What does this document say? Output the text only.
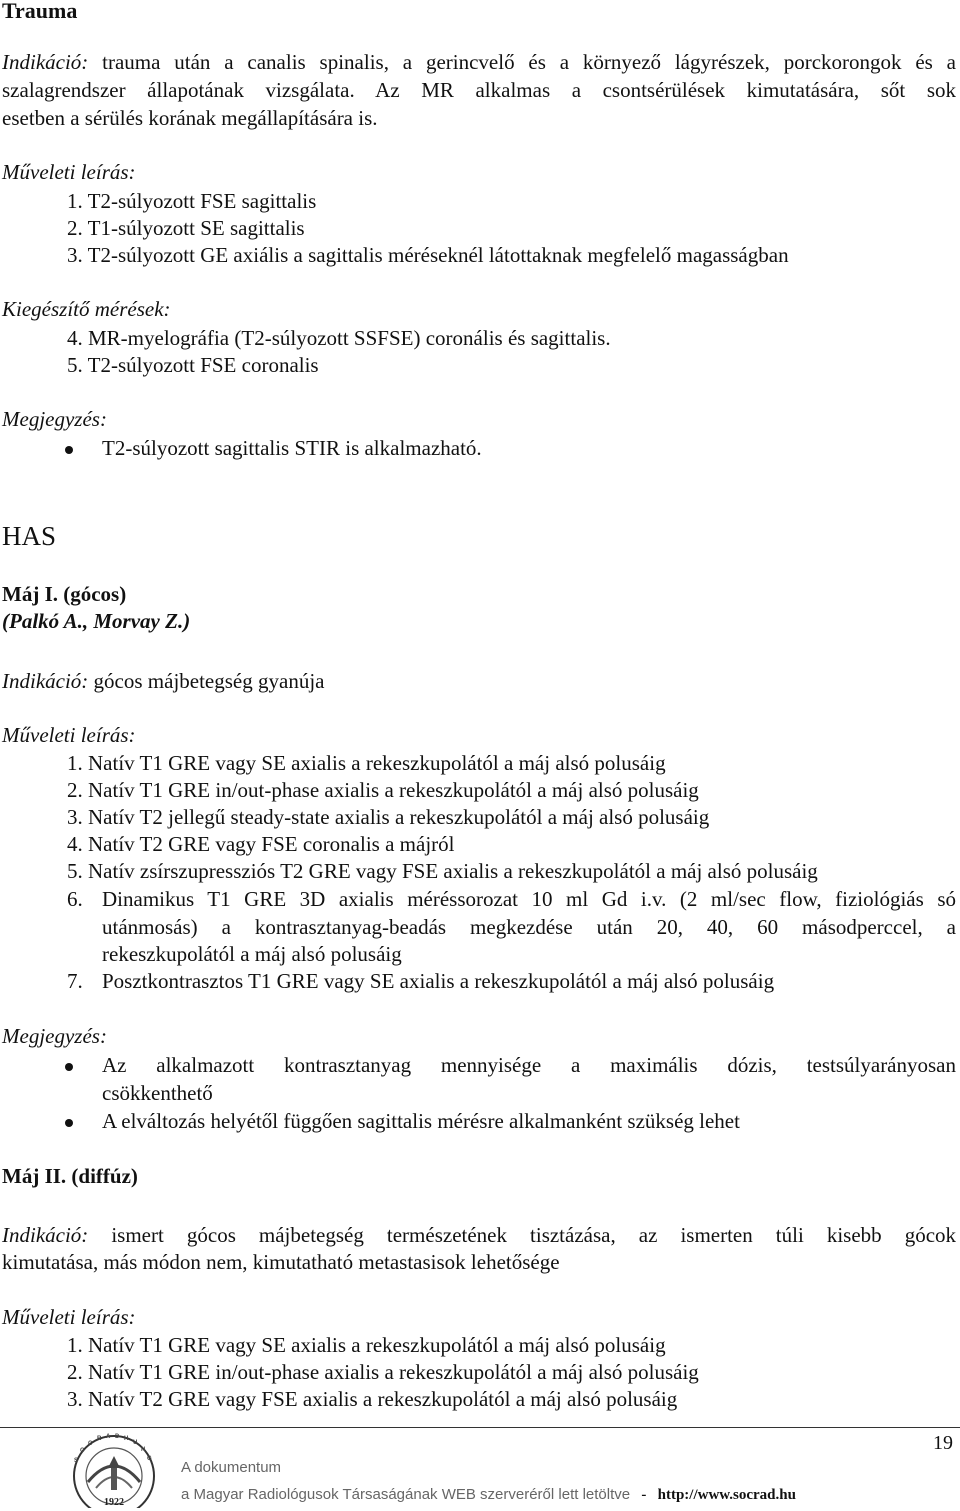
Trauma
Indikáció: trauma után a canalis spinalis, a gerincvelő és a környező lágyrészek, porckorongok és a
szalagrendszer állapotának vizsgálata. Az MR alkalmas a csontsérülések kimutatására, sőt sok
esetben a sérülés korának megállapítására is.
Műveleti leírás:
1. T2-súlyozott FSE sagittalis
2. T1-súlyozott SE sagittalis
3. T2-súlyozott GE axiális a sagittalis méréseknél látottaknak megfelelő magasságban
Kiegészítő mérések:
4. MR-myelográfia (T2-súlyozott SSFSE) coronális és sagittalis.
5. T2-súlyozott FSE coronalis
Megjegyzés:
T2-súlyozott sagittalis STIR is alkalmazható.
HAS
Máj I. (gócos)
(Palkó A., Morvay Z.)
Indikáció: gócos májbetegség gyanúja
Műveleti leírás:
1. Natív T1 GRE vagy SE axialis a rekeszkupolától a máj alsó polusáig
2. Natív T1 GRE in/out-phase axialis a rekeszkupolától a máj alsó polusáig
3. Natív T2 jellegű steady-state axialis a rekeszkupolától a máj alsó polusáig
4. Natív T2 GRE vagy FSE coronalis a májról
5. Natív zsírszupressziós T2 GRE vagy FSE axialis a rekeszkupolától a máj alsó polusáig
6. Dinamikus T1 GRE 3D axialis méréssorozat 10 ml Gd i.v. (2 ml/sec flow, fiziológiás só
utánmosás) a kontrasztanyag-beadás megkezdése után 20, 40, 60 másodperccel, a
rekeszkupolától a máj alsó polusáig
7. Posztkontrasztos T1 GRE vagy SE axialis a rekeszkupolától a máj alsó polusáig
Megjegyzés:
Az alkalmazott kontrasztanyag mennyisége a maximális dózis, testsúlyarányosan
csökkenthető
A elváltozás helyétől függően sagittalis mérésre alkalmanként szükség lehet
Máj II. (diffúz)
Indikáció: ismert gócos májbetegség természetének tisztázása, az ismerten túli kisebb gócok
kimutatása, más módon nem, kimutatható metastasisok lehetősége
Műveleti leírás:
1. Natív T1 GRE vagy SE axialis a rekeszkupolától a máj alsó polusáig
2. Natív T1 GRE in/out-phase axialis a rekeszkupolától a máj alsó polusáig
3. Natív T2 GRE vagy FSE axialis a rekeszkupolától a máj alsó polusáig
19
S
O
C
R A D H
U
N
G
1922
A dokumentum
a Magyar Radiológusok Társaságának WEB szerveréről lett letöltve - http://www.socrad.hu
